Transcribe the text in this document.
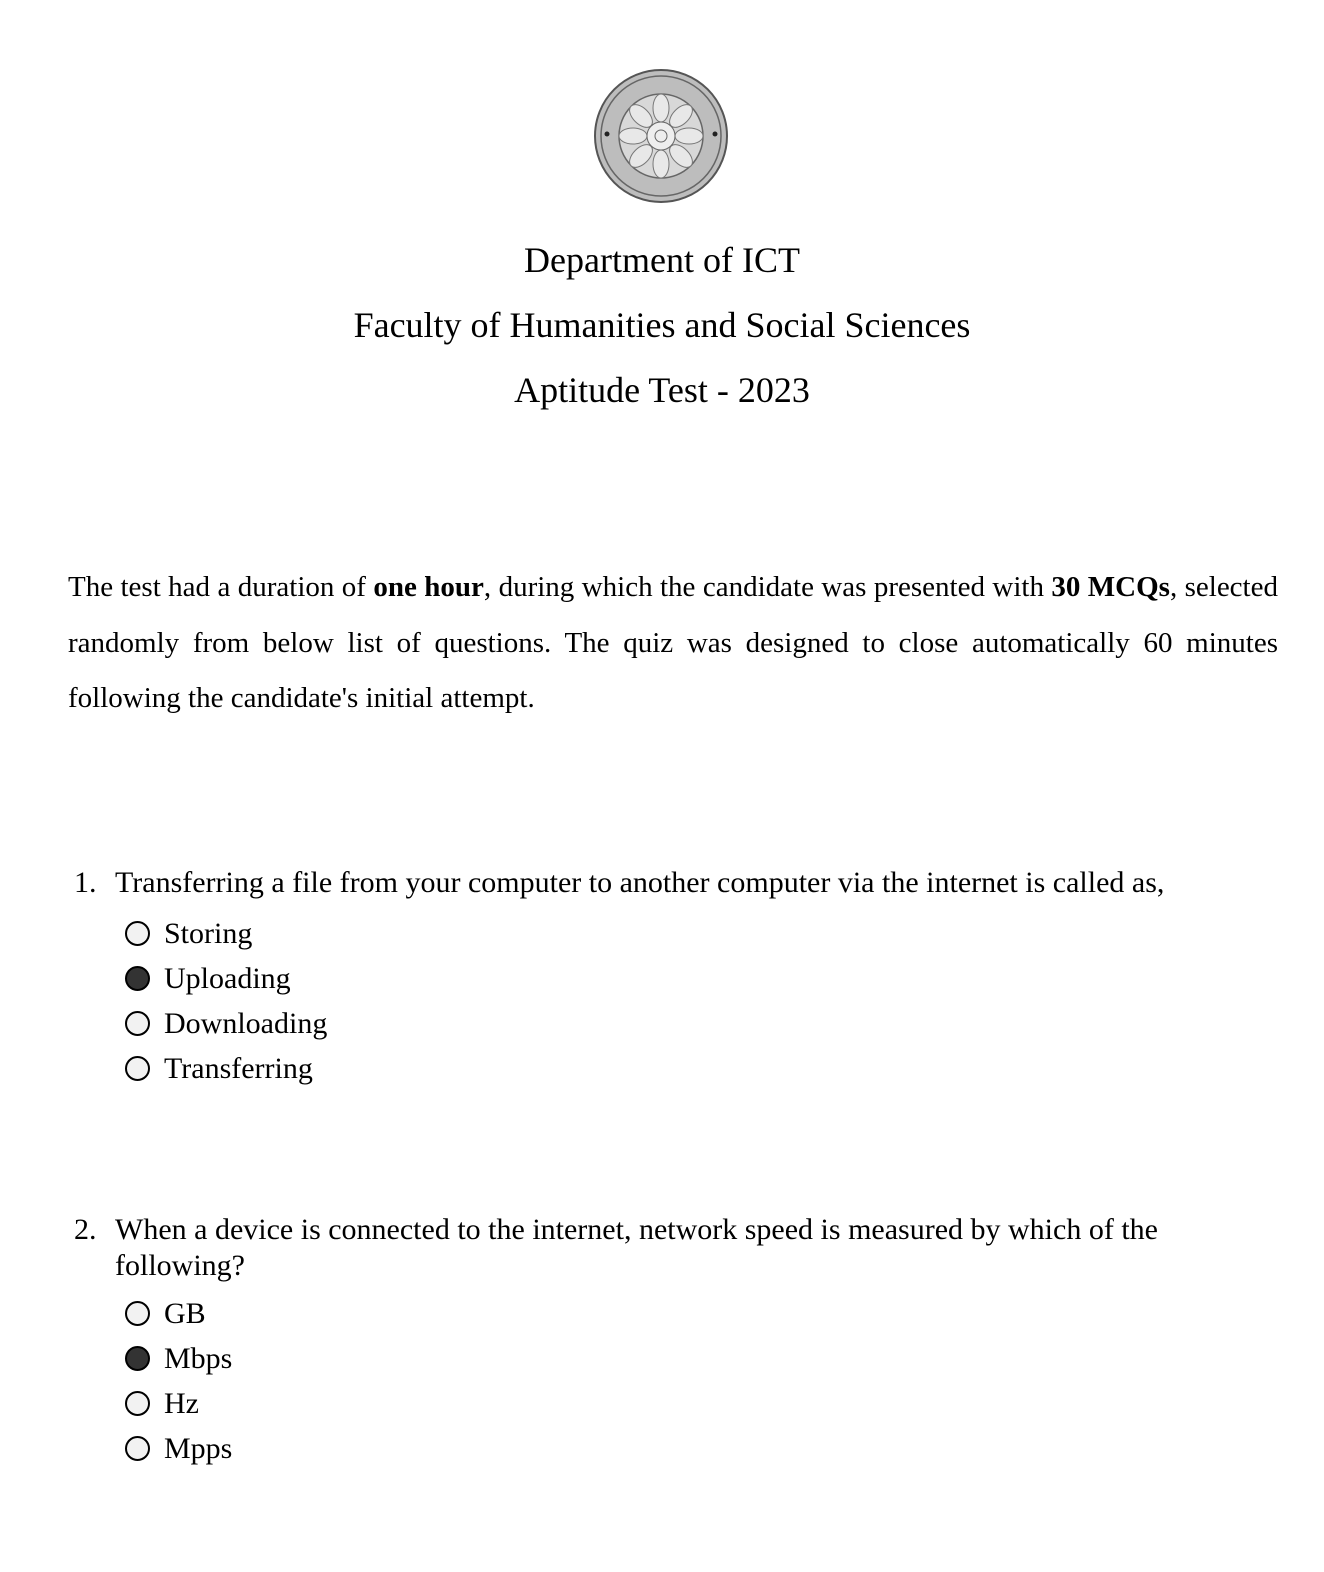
Department of ICT
Faculty of Humanities and Social Sciences
Aptitude Test - 2023

The test had a duration of one hour, during which the candidate was presented with 30 MCQs, selected randomly from below list of questions. The quiz was designed to close automatically 60 minutes following the candidate's initial attempt.

1. Transferring a file from your computer to another computer via the internet is called as,
Storing
Uploading
Downloading
Transferring
2. When a device is connected to the internet, network speed is measured by which of the following?
GB
Mbps
Hz
Mpps
